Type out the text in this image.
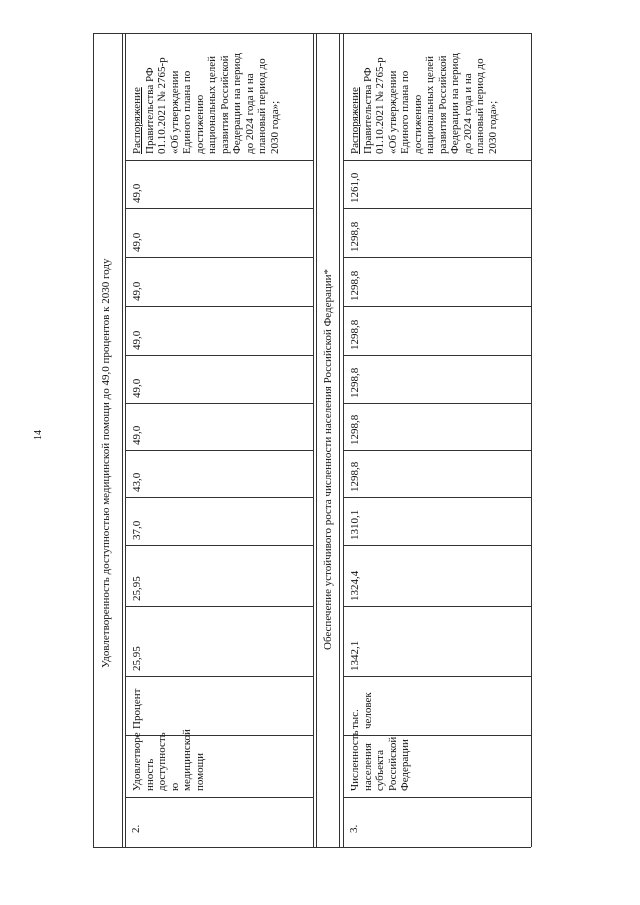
14	Удовлетворенность доступностью медицинской помощи до 49,0 процентов к 2030 году	Обеспечение устойчивого роста численности населения Российской Федерации*
2.
Удовлетворе нность доступность ю медицинской помощи
Процент
25,95
25,95
37,0
43,0
49,0
49,0
49,0
49,0
49,0
49,0
Распоряжение Правительства РФ 01.10.2021 № 2765-р «Об утверждении Единого плана по достижению национальных целей развития Российской Федерации на период до 2024 года и на плановый период до 2030 года»;
3.
Численность населения субъекта Российской Федерации
тыс. человек
1342,1
1324,4
1310,1
1298,8
1298,8
1298,8
1298,8
1298,8
1298,8
1261,0
Распоряжение Правительства РФ 01.10.2021 № 2765-р «Об утверждении Единого плана по достижению национальных целей развития Российской Федерации на период до 2024 года и на плановый период до 2030 года»;
